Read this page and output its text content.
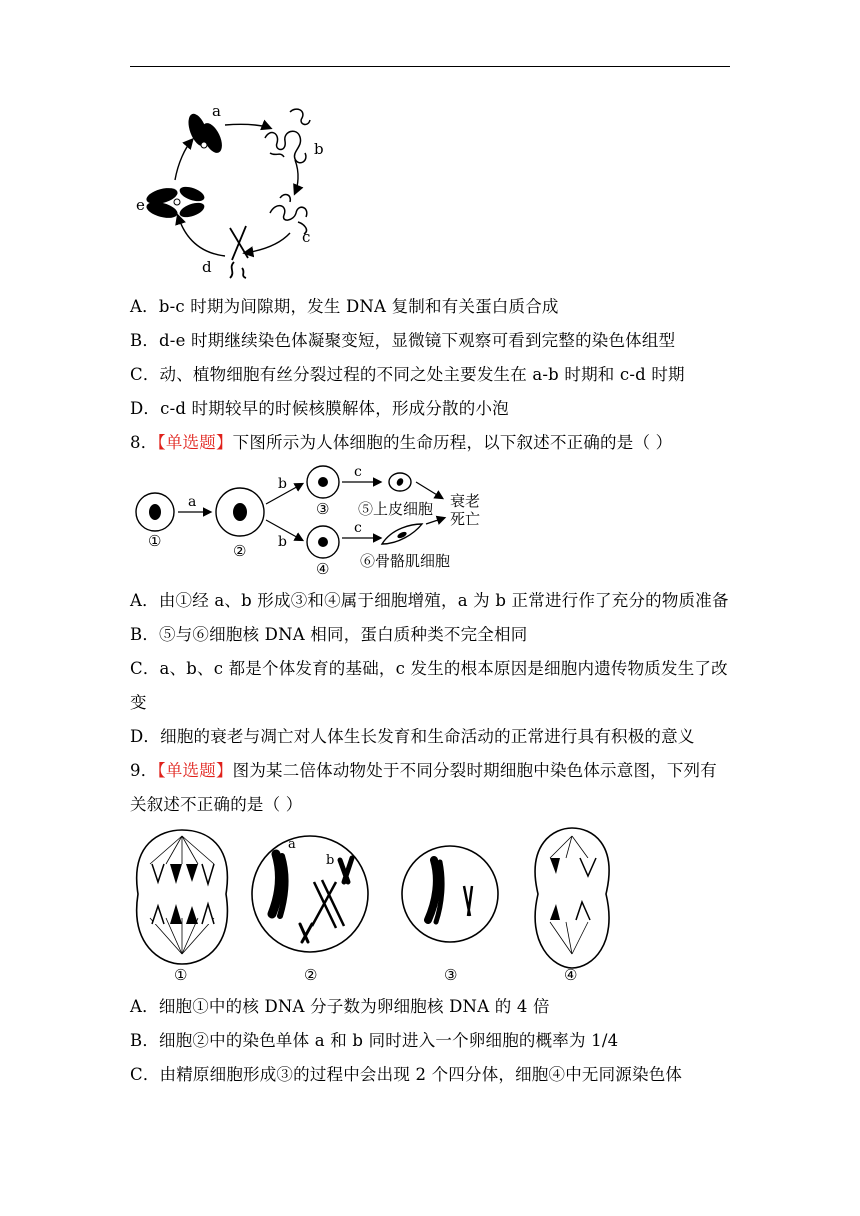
a
b
c
d
e
A．b-c 时期为间隙期，发生 DNA 复制和有关蛋白质合成
B．d-e 时期继续染色体凝聚变短，显微镜下观察可看到完整的染色体组型
C．动、植物细胞有丝分裂过程的不同之处主要发生在 a-b 时期和 c-d 时期
D．c-d 时期较早的时候核膜解体，形成分散的小泡
8．【单选题】下图所示为人体细胞的生命历程，以下叙述不正确的是（ ）
a
b
b
c
c
衰老
死亡
⑤上皮细胞
⑥骨骼肌细胞
①
②
③
④
A．由①经 a、b 形成③和④属于细胞增殖，a 为 b 正常进行作了充分的物质准备
B．⑤与⑥细胞核 DNA 相同，蛋白质种类不完全相同
C．a、b、c 都是个体发育的基础，c 发生的根本原因是细胞内遗传物质发生了改
变
D．细胞的衰老与凋亡对人体生长发育和生命活动的正常进行具有积极的意义
9．【单选题】图为某二倍体动物处于不同分裂时期细胞中染色体示意图，下列有
关叙述不正确的是（ ）
a
b
①	②	③	④
A．细胞①中的核 DNA 分子数为卵细胞核 DNA 的 4 倍
B．细胞②中的染色单体 a 和 b 同时进入一个卵细胞的概率为 1/4
C．由精原细胞形成③的过程中会出现 2 个四分体，细胞④中无同源染色体
